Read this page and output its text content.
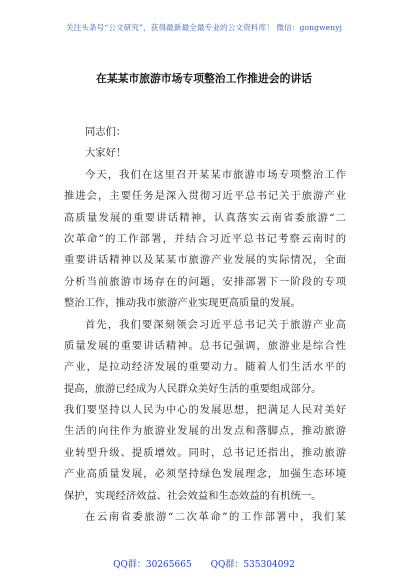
关注头条号“公文研究”，获得最新最全最专业的公文资料库！ 微信：gongwenyj
在某某市旅游市场专项整治工作推进会的讲话
同志们：
大家好！
今天，我们在这里召开某某市旅游市场专项整治工作
推进会，主要任务是深入贯彻习近平总书记关于旅游产业
高质量发展的重要讲话精神，认真落实云南省委旅游“二
次革命”的工作部署，并结合习近平总书记考察云南时的
重要讲话精神以及某某市旅游产业发展的实际情况，全面
分析当前旅游市场存在的问题，安排部署下一阶段的专项
整治工作，推动我市旅游产业实现更高质量的发展。
首先，我们要深刻领会习近平总书记关于旅游产业高
质量发展的重要讲话精神。总书记强调，旅游业是综合性
产业，是拉动经济发展的重要动力。随着人们生活水平的
提高，旅游已经成为人民群众美好生活的重要组成部分。
我们要坚持以人民为中心的发展思想，把满足人民对美好
生活的向往作为旅游业发展的出发点和落脚点，推动旅游
业转型升级、提质增效。同时，总书记还指出，推动旅游
产业高质量发展，必须坚持绿色发展理念，加强生态环境
保护，实现经济效益、社会效益和生态效益的有机统一。
在云南省委旅游“二次革命”的工作部署中，我们某
QQ群：30265665 QQ群：535304092
